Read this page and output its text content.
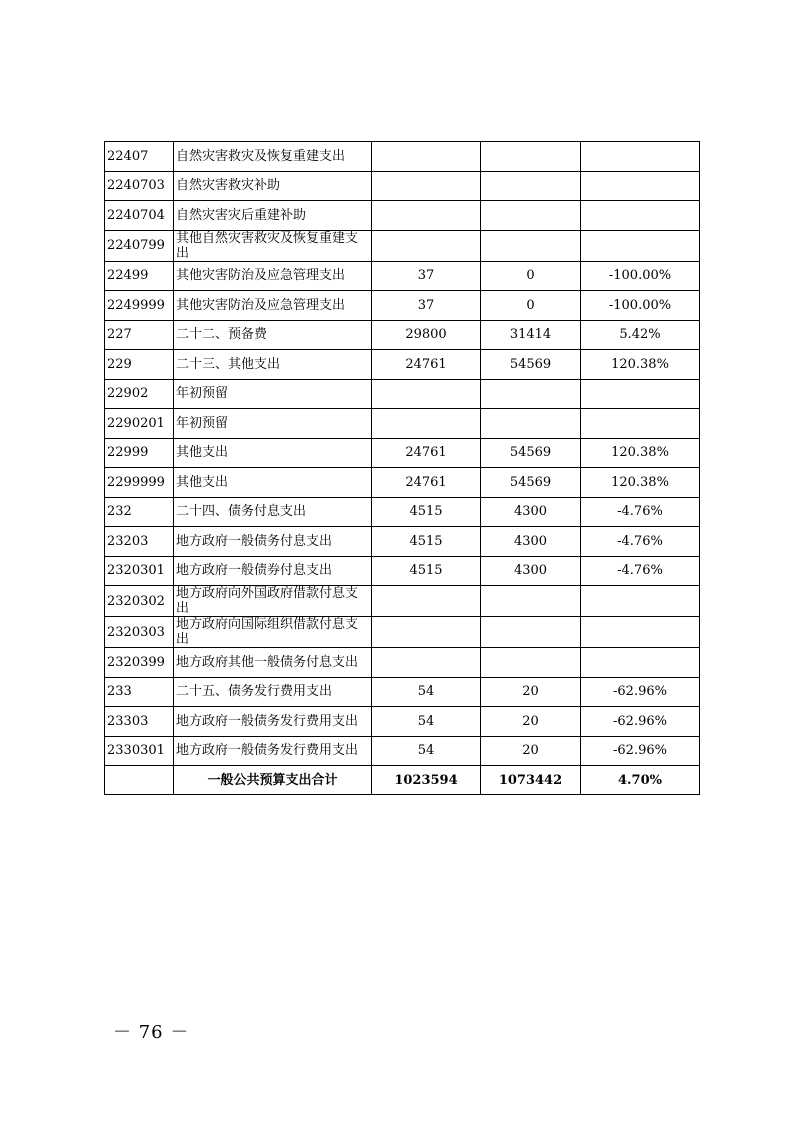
22407	自然灾害救灾及恢复重建支出			
2240703	自然灾害救灾补助			
2240704	自然灾害灾后重建补助			
2240799	其他自然灾害救灾及恢复重建支出			
22499	其他灾害防治及应急管理支出	37	0	-100.00%
2249999	其他灾害防治及应急管理支出	37	0	-100.00%
227	二十二、预备费	29800	31414	5.42%
229	二十三、其他支出	24761	54569	120.38%
22902	年初预留			
2290201	年初预留			
22999	其他支出	24761	54569	120.38%
2299999	其他支出	24761	54569	120.38%
232	二十四、债务付息支出	4515	4300	-4.76%
23203	地方政府一般债务付息支出	4515	4300	-4.76%
2320301	地方政府一般债券付息支出	4515	4300	-4.76%
2320302	地方政府向外国政府借款付息支出			
2320303	地方政府向国际组织借款付息支出			
2320399	地方政府其他一般债务付息支出			
233	二十五、债务发行费用支出	54	20	-62.96%
23303	地方政府一般债务发行费用支出	54	20	-62.96%
2330301	地方政府一般债务发行费用支出	54	20	-62.96%
	一般公共预算支出合计	1023594	1073442	4.70%
－ 76 －
